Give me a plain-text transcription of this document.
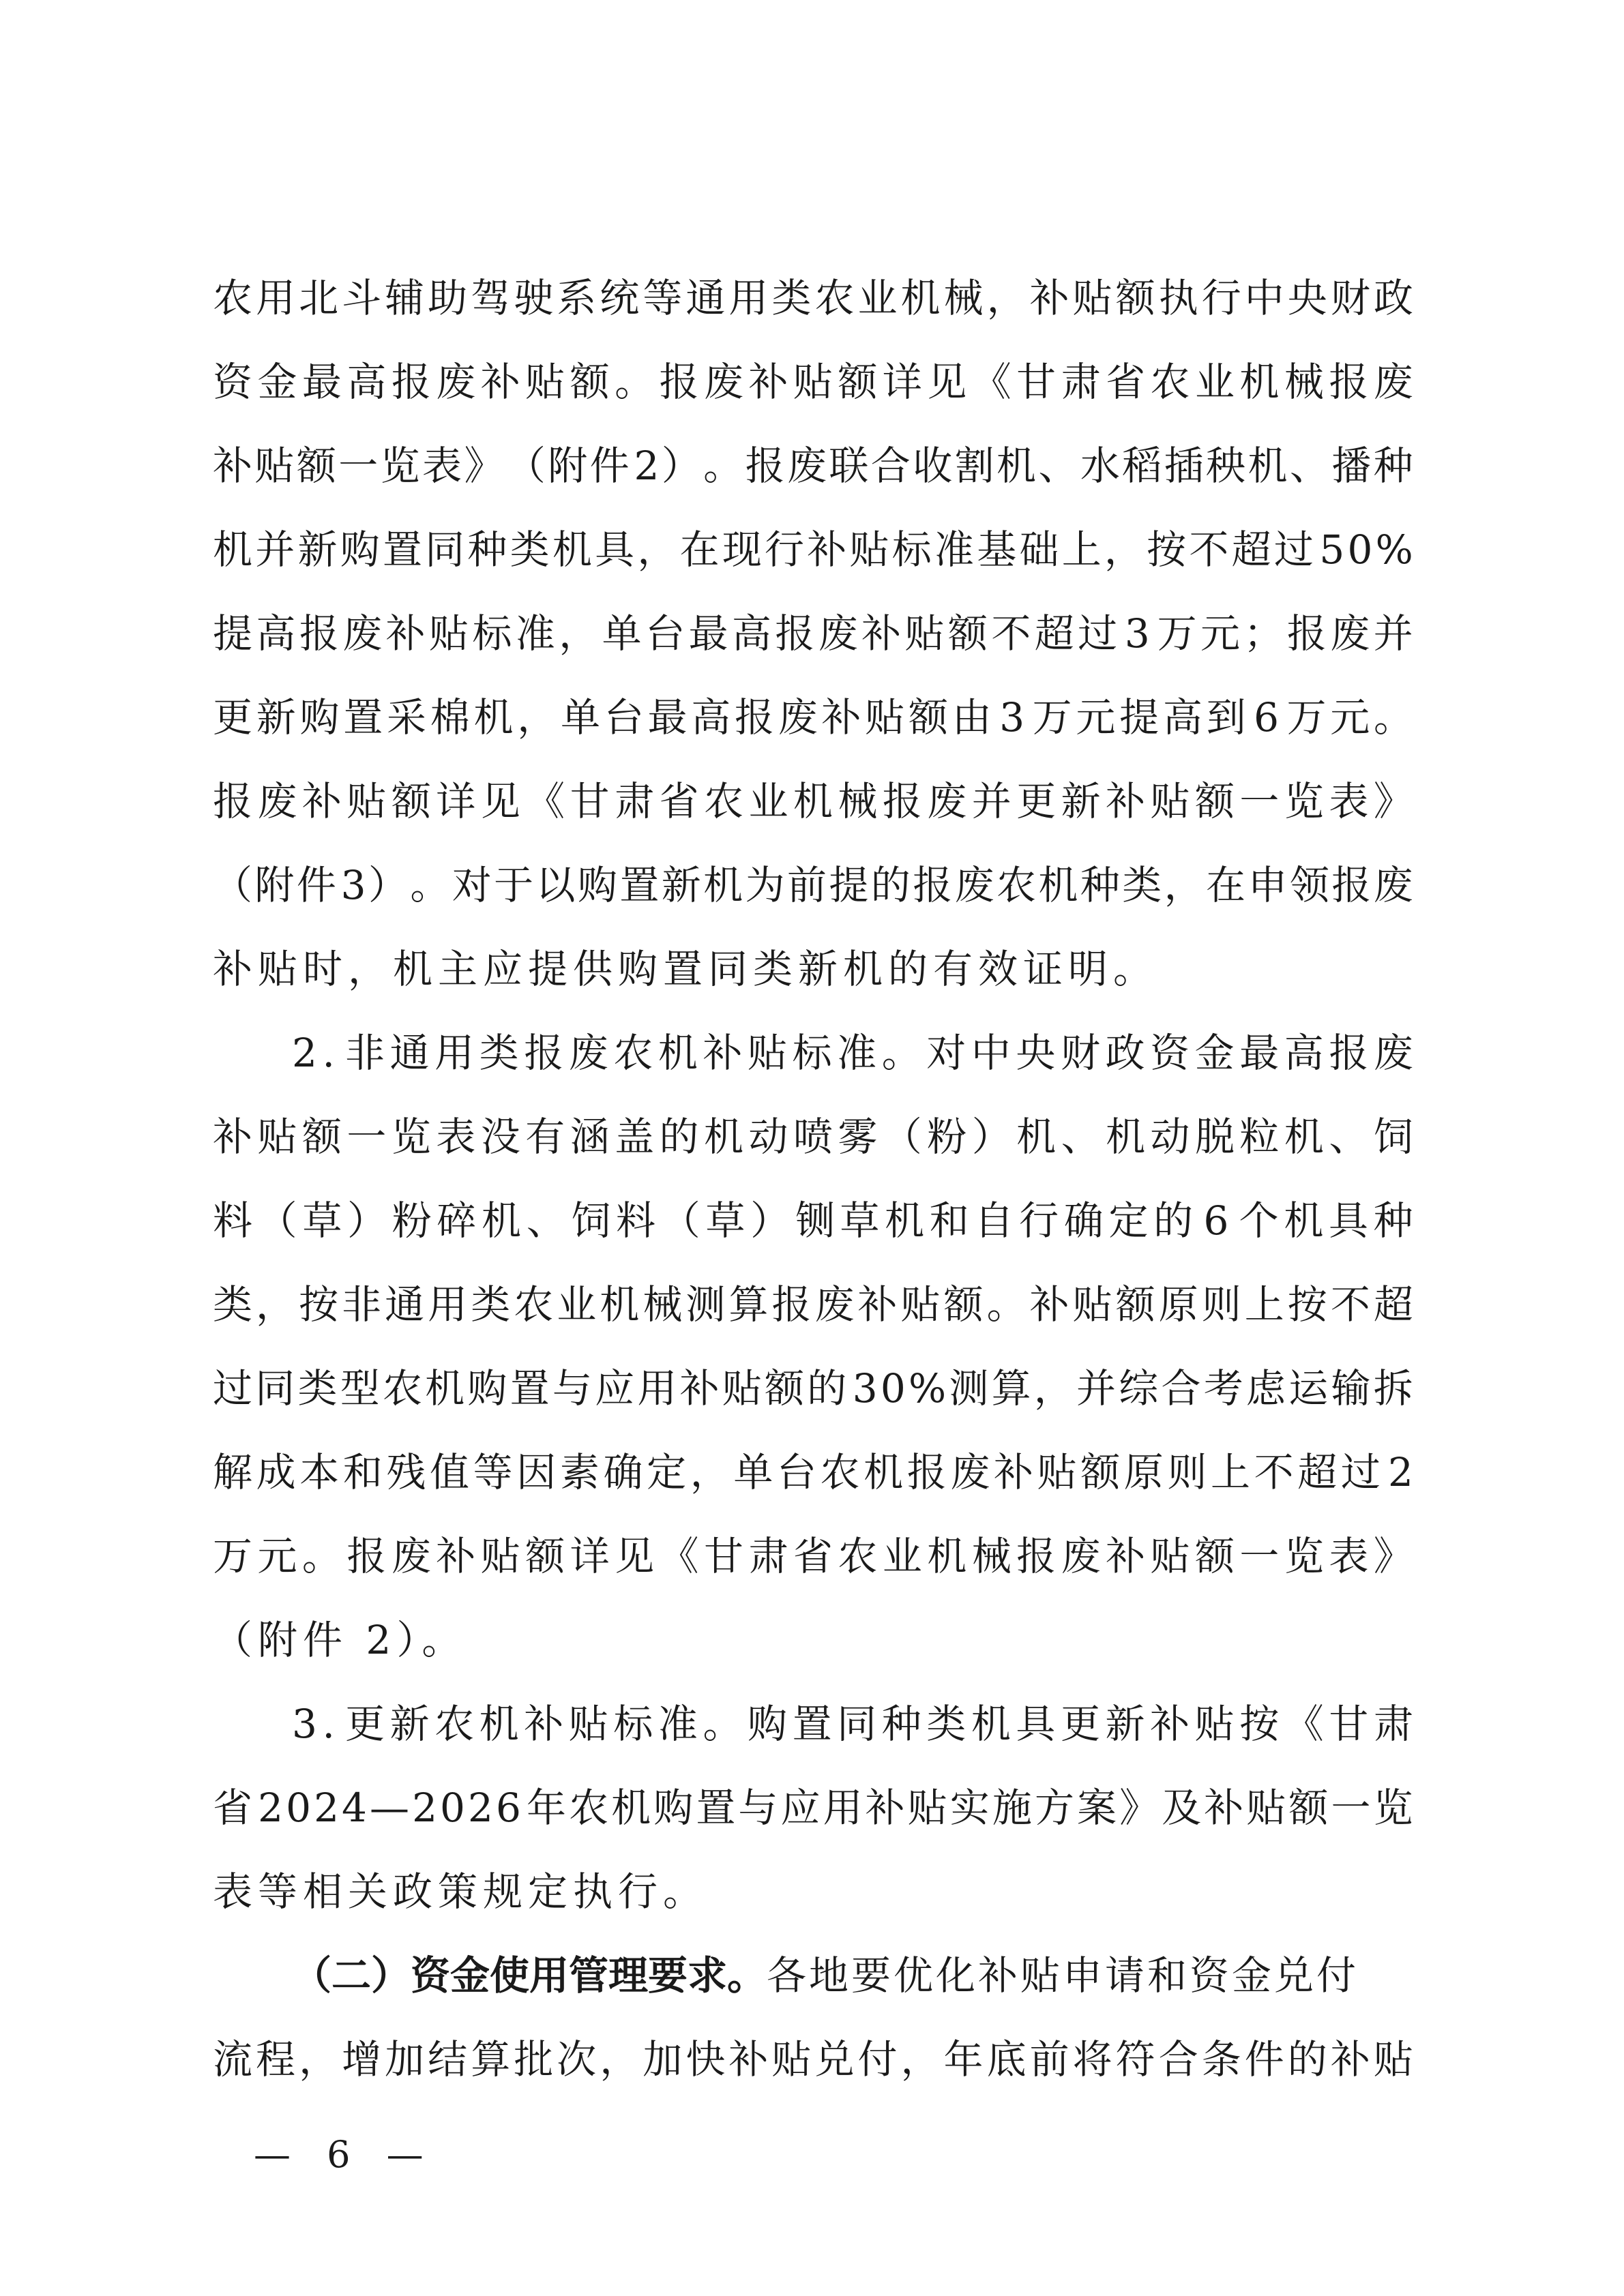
农 用 北 斗 辅 助 驾 驶 系 统 等 通 用 类 农 业 机 械 ， 补 贴 额 执 行 中 央 财 政
资 金 最 高 报 废 补 贴 额 。 报 废 补 贴 额 详 见 《 甘 肃 省 农 业 机 械 报 废
补 贴 额 一 览 表 》 （ 附 件 2 ） 。 报 废 联 合 收 割 机 、 水 稻 插 秧 机 、 播 种
机 并 新 购 置 同 种 类 机 具 ， 在 现 行 补 贴 标 准 基 础 上 ， 按 不 超 过 5 0 %
提 高 报 废 补 贴 标 准 ， 单 台 最 高 报 废 补 贴 额 不 超 过 3 万 元 ； 报 废 并
更 新 购 置 采 棉 机 ， 单 台 最 高 报 废 补 贴 额 由 3 万 元 提 高 到 6 万 元 。
报 废 补 贴 额 详 见 《 甘 肃 省 农 业 机 械 报 废 并 更 新 补 贴 额 一 览 表 》
（ 附 件 3 ） 。 对 于 以 购 置 新 机 为 前 提 的 报 废 农 机 种 类 ， 在 申 领 报 废
补贴时，机主应提供购置同类新机的有效证明。
2 . 非 通 用 类 报 废 农 机 补 贴 标 准 。 对 中 央 财 政 资 金 最 高 报 废
补 贴 额 一 览 表 没 有 涵 盖 的 机 动 喷 雾 （ 粉 ） 机 、 机 动 脱 粒 机 、 饲
料 （ 草 ） 粉 碎 机 、 饲 料 （ 草 ） 铡 草 机 和 自 行 确 定 的 6 个 机 具 种
类 ， 按 非 通 用 类 农 业 机 械 测 算 报 废 补 贴 额 。 补 贴 额 原 则 上 按 不 超
过 同 类 型 农 机 购 置 与 应 用 补 贴 额 的 3 0 % 测 算 ， 并 综 合 考 虑 运 输 拆
解 成 本 和 残 值 等 因 素 确 定 ， 单 台 农 机 报 废 补 贴 额 原 则 上 不 超 过 2
万 元 。 报 废 补 贴 额 详 见 《 甘 肃 省 农 业 机 械 报 废 补 贴 额 一 览 表 》
（附件 2）。
3 . 更 新 农 机 补 贴 标 准 。 购 置 同 种 类 机 具 更 新 补 贴 按 《 甘 肃
省 2 0 2 4 — 2 0 2 6 年 农 机 购 置 与 应 用 补 贴 实 施 方 案 》 及 补 贴 额 一 览
表等相关政策规定执行。
（二）资金使用管理要求。 各地要优化补贴申请和资金兑付
流 程 ， 增 加 结 算 批 次 ， 加 快 补 贴 兑 付 ， 年 底 前 将 符 合 条 件 的 补 贴
— 6 —
